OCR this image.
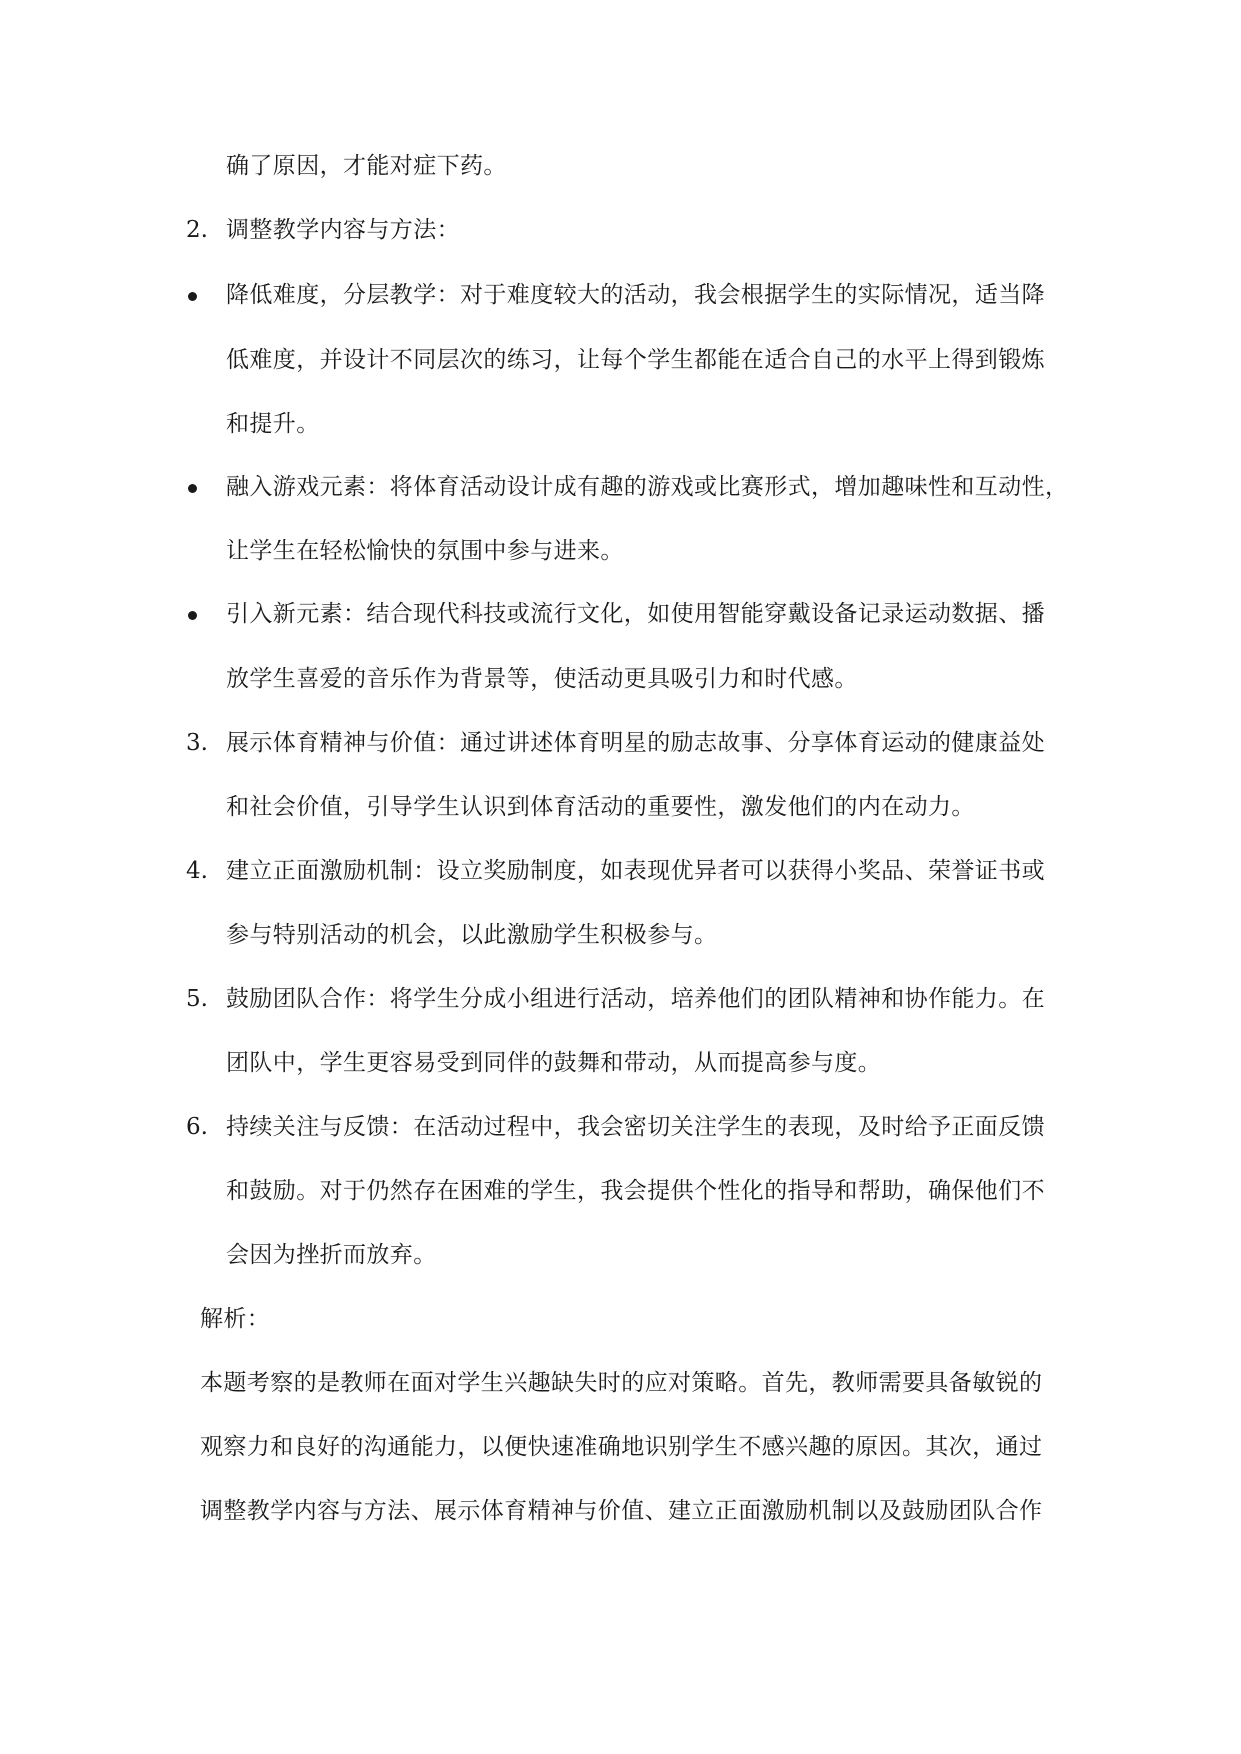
确了原因，才能对症下药。
2. 调整教学内容与方法：
降低难度，分层教学：对于难度较大的活动，我会根据学生的实际情况，适当降
低难度，并设计不同层次的练习，让每个学生都能在适合自己的水平上得到锻炼
和提升。
融入游戏元素：将体育活动设计成有趣的游戏或比赛形式，增加趣味性和互动性，
让学生在轻松愉快的氛围中参与进来。
引入新元素：结合现代科技或流行文化，如使用智能穿戴设备记录运动数据、播
放学生喜爱的音乐作为背景等，使活动更具吸引力和时代感。
3. 展示体育精神与价值：通过讲述体育明星的励志故事、分享体育运动的健康益处
和社会价值，引导学生认识到体育活动的重要性，激发他们的内在动力。
4. 建立正面激励机制：设立奖励制度，如表现优异者可以获得小奖品、荣誉证书或
参与特别活动的机会，以此激励学生积极参与。
5. 鼓励团队合作：将学生分成小组进行活动，培养他们的团队精神和协作能力。在
团队中，学生更容易受到同伴的鼓舞和带动，从而提高参与度。
6. 持续关注与反馈：在活动过程中，我会密切关注学生的表现，及时给予正面反馈
和鼓励。对于仍然存在困难的学生，我会提供个性化的指导和帮助，确保他们不
会因为挫折而放弃。
解析：
本题考察的是教师在面对学生兴趣缺失时的应对策略。首先，教师需要具备敏锐的
观察力和良好的沟通能力，以便快速准确地识别学生不感兴趣的原因。其次，通过
调整教学内容与方法、展示体育精神与价值、建立正面激励机制以及鼓励团队合作
